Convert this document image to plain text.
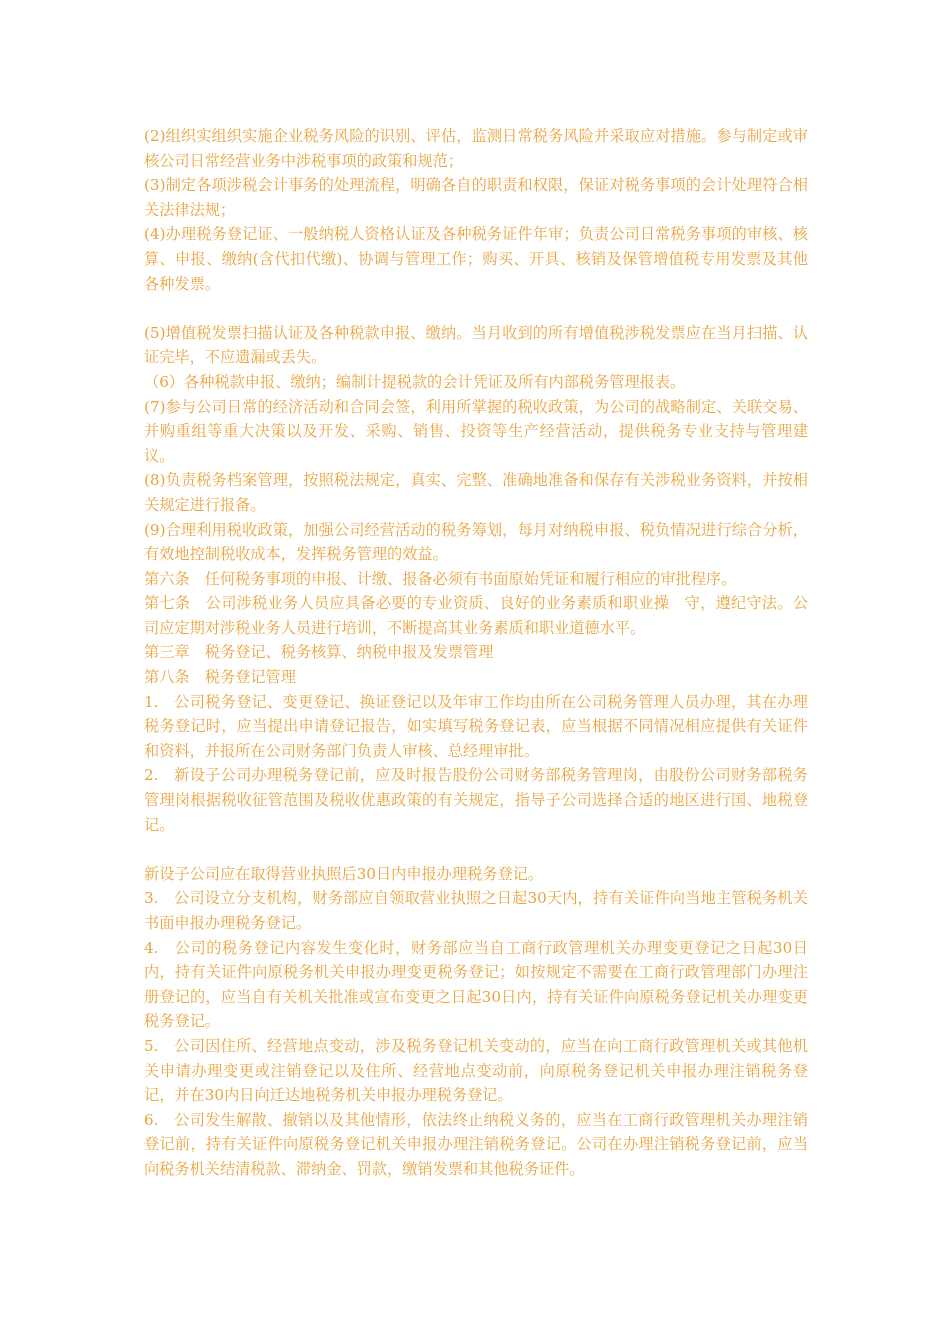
(2)组织实组织实施企业税务风险的识别、评估，监测日常税务风险并采取应对措施。参与制定或审核公司日常经营业务中涉税事项的政策和规范；

(3)制定各项涉税会计事务的处理流程，明确各自的职责和权限，保证对税务事项的会计处理符合相关法律法规；

(4)办理税务登记证、一般纳税人资格认证及各种税务证件年审；负责公司日常税务事项的审核、核算、申报、缴纳(含代扣代缴)、协调与管理工作；购买、开具、核销及保管增值税专用发票及其他各种发票。

(5)增值税发票扫描认证及各种税款申报、缴纳。当月收到的所有增值税涉税发票应在当月扫描、认证完毕，不应遗漏或丢失。

（6）各种税款申报、缴纳；编制计提税款的会计凭证及所有内部税务管理报表。

(7)参与公司日常的经济活动和合同会签，利用所掌握的税收政策，为公司的战略制定、关联交易、并购重组等重大决策以及开发、采购、销售、投资等生产经营活动，提供税务专业支持与管理建议。

(8)负责税务档案管理，按照税法规定，真实、完整、准确地准备和保存有关涉税业务资料，并按相关规定进行报备。

(9)合理利用税收政策，加强公司经营活动的税务筹划，每月对纳税申报、税负情况进行综合分析，有效地控制税收成本，发挥税务管理的效益。

第六条　任何税务事项的申报、计缴、报备必须有书面原始凭证和履行相应的审批程序。

第七条　公司涉税业务人员应具备必要的专业资质、良好的业务素质和职业操　守，遵纪守法。公司应定期对涉税业务人员进行培训，不断提高其业务素质和职业道德水平。

第三章　税务登记、税务核算、纳税申报及发票管理

第八条　税务登记管理

1.　公司税务登记、变更登记、换证登记以及年审工作均由所在公司税务管理人员办理，其在办理税务登记时，应当提出申请登记报告，如实填写税务登记表，应当根据不同情况相应提供有关证件和资料，并报所在公司财务部门负责人审核、总经理审批。

2.　新设子公司办理税务登记前，应及时报告股份公司财务部税务管理岗，由股份公司财务部税务管理岗根据税收征管范围及税收优惠政策的有关规定，指导子公司选择合适的地区进行国、地税登记。

新设子公司应在取得营业执照后30日内申报办理税务登记。

3.　公司设立分支机构，财务部应自领取营业执照之日起30天内，持有关证件向当地主管税务机关书面申报办理税务登记。

4.　公司的税务登记内容发生变化时，财务部应当自工商行政管理机关办理变更登记之日起30日内，持有关证件向原税务机关申报办理变更税务登记；如按规定不需要在工商行政管理部门办理注册登记的，应当自有关机关批准或宣布变更之日起30日内，持有关证件向原税务登记机关办理变更税务登记。

5.　公司因住所、经营地点变动，涉及税务登记机关变动的，应当在向工商行政管理机关或其他机关申请办理变更或注销登记以及住所、经营地点变动前，向原税务登记机关申报办理注销税务登记，并在30内日向迁达地税务机关申报办理税务登记。

6.　公司发生解散、撤销以及其他情形，依法终止纳税义务的，应当在工商行政管理机关办理注销登记前，持有关证件向原税务登记机关申报办理注销税务登记。公司在办理注销税务登记前，应当向税务机关结清税款、滞纳金、罚款，缴销发票和其他税务证件。
